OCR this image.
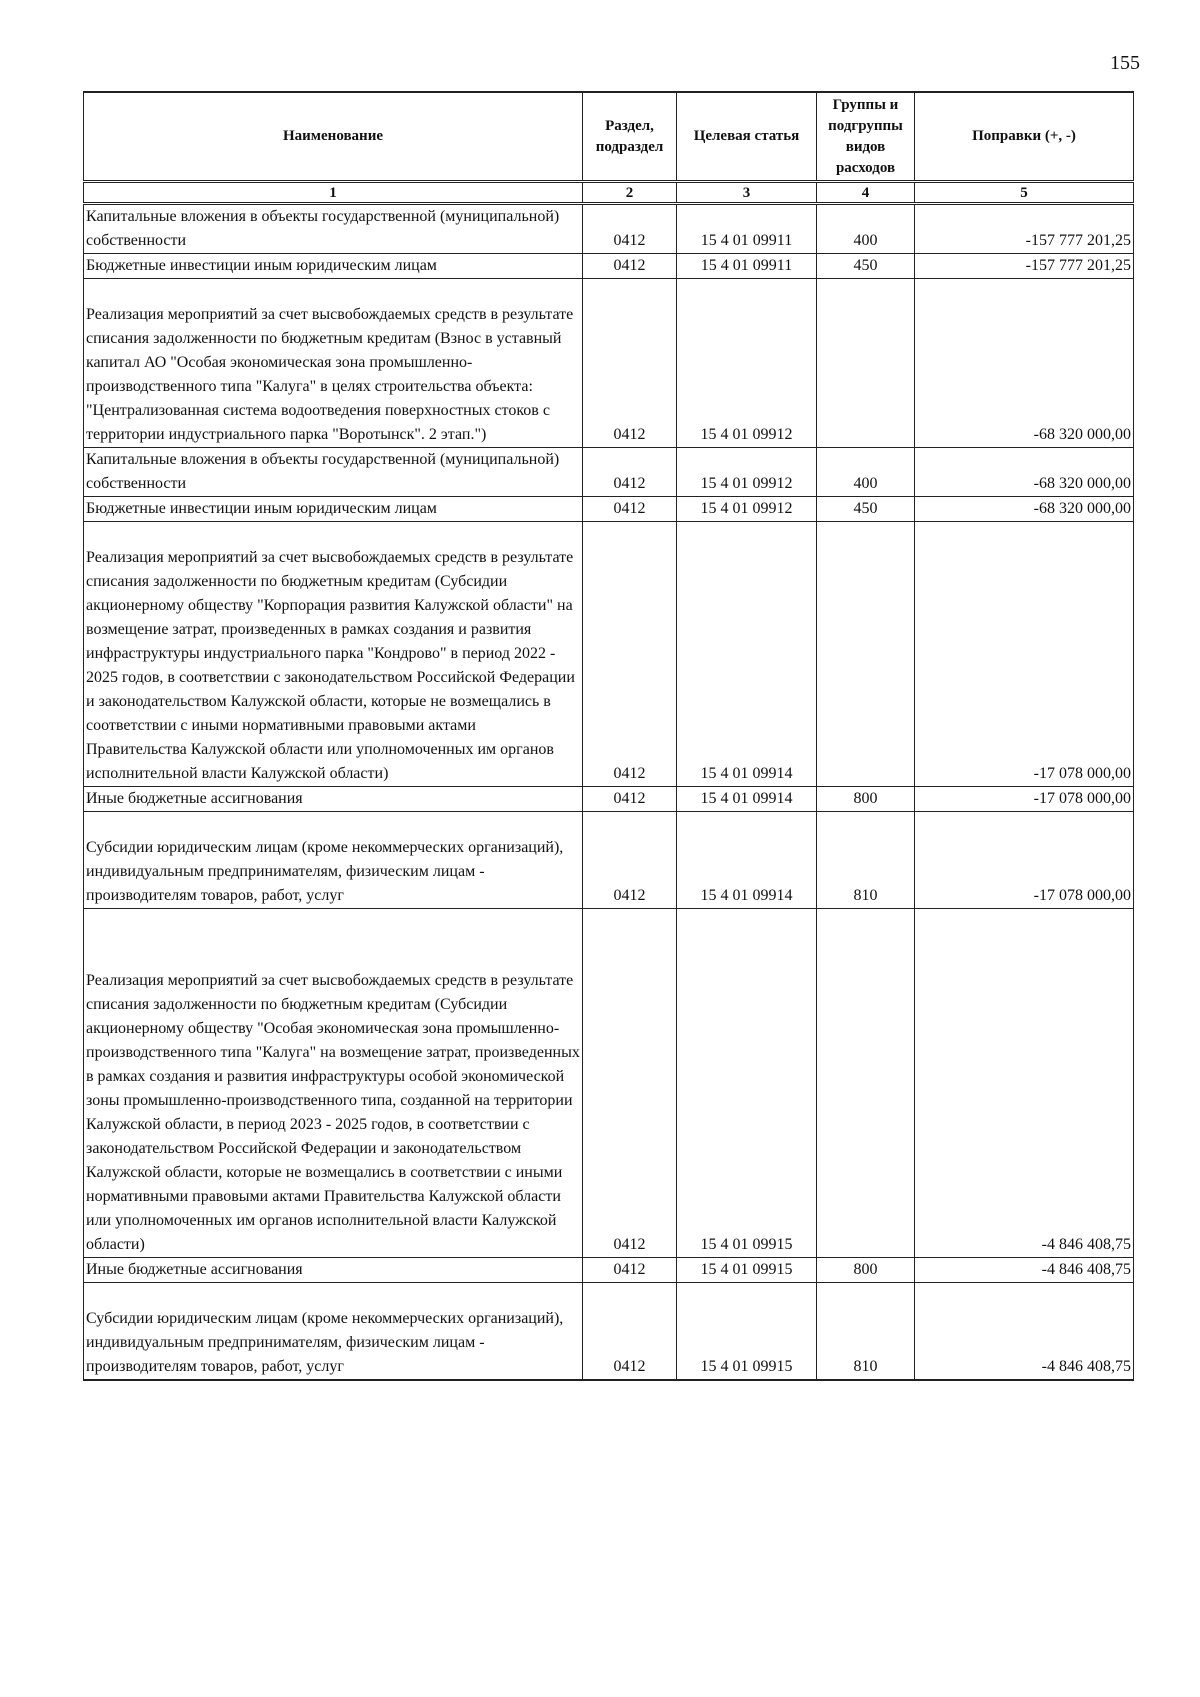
155
Наименование	Раздел, подраздел	Целевая статья	Группы и подгруппы видов расходов	Поправки (+, -)
1	2	3	4	5
Капитальные вложения в объекты государственной (муниципальной) собственности	0412	15 4 01 09911	400	-157 777 201,25
Бюджетные инвестиции иным юридическим лицам	0412	15 4 01 09911	450	-157 777 201,25
Реализация мероприятий за счет высвобождаемых средств в результате списания задолженности по бюджетным кредитам (Взнос в уставный капитал АО "Особая экономическая зона промышленно-производственного типа "Калуга" в целях строительства объекта: "Централизованная система водоотведения поверхностных стоков с территории индустриального парка "Воротынск". 2 этап.")	0412	15 4 01 09912		-68 320 000,00
Капитальные вложения в объекты государственной (муниципальной) собственности	0412	15 4 01 09912	400	-68 320 000,00
Бюджетные инвестиции иным юридическим лицам	0412	15 4 01 09912	450	-68 320 000,00
Реализация мероприятий за счет высвобождаемых средств в результате списания задолженности по бюджетным кредитам (Субсидии акционерному обществу "Корпорация развития Калужской области" на возмещение затрат, произведенных в рамках создания и развития инфраструктуры индустриального парка "Кондрово" в период 2022 - 2025 годов, в соответствии с законодательством Российской Федерации и законодательством Калужской области, которые не возмещались в соответствии с иными нормативными правовыми актами Правительства Калужской области или уполномоченных им органов исполнительной власти Калужской области)	0412	15 4 01 09914		-17 078 000,00
Иные бюджетные ассигнования	0412	15 4 01 09914	800	-17 078 000,00
Субсидии юридическим лицам (кроме некоммерческих организаций), индивидуальным предпринимателям, физическим лицам - производителям товаров, работ, услуг	0412	15 4 01 09914	810	-17 078 000,00
Реализация мероприятий за счет высвобождаемых средств в результате списания задолженности по бюджетным кредитам (Субсидии акционерному обществу "Особая экономическая зона промышленно-производственного типа "Калуга" на возмещение затрат, произведенных в рамках создания и развития инфраструктуры особой экономической зоны промышленно-производственного типа, созданной на территории Калужской области, в период 2023 - 2025 годов, в соответствии с законодательством Российской Федерации и законодательством Калужской области, которые не возмещались в соответствии с иными нормативными правовыми актами Правительства Калужской области или уполномоченных им органов исполнительной власти Калужской области)	0412	15 4 01 09915		-4 846 408,75
Иные бюджетные ассигнования	0412	15 4 01 09915	800	-4 846 408,75
Субсидии юридическим лицам (кроме некоммерческих организаций), индивидуальным предпринимателям, физическим лицам - производителям товаров, работ, услуг	0412	15 4 01 09915	810	-4 846 408,75
